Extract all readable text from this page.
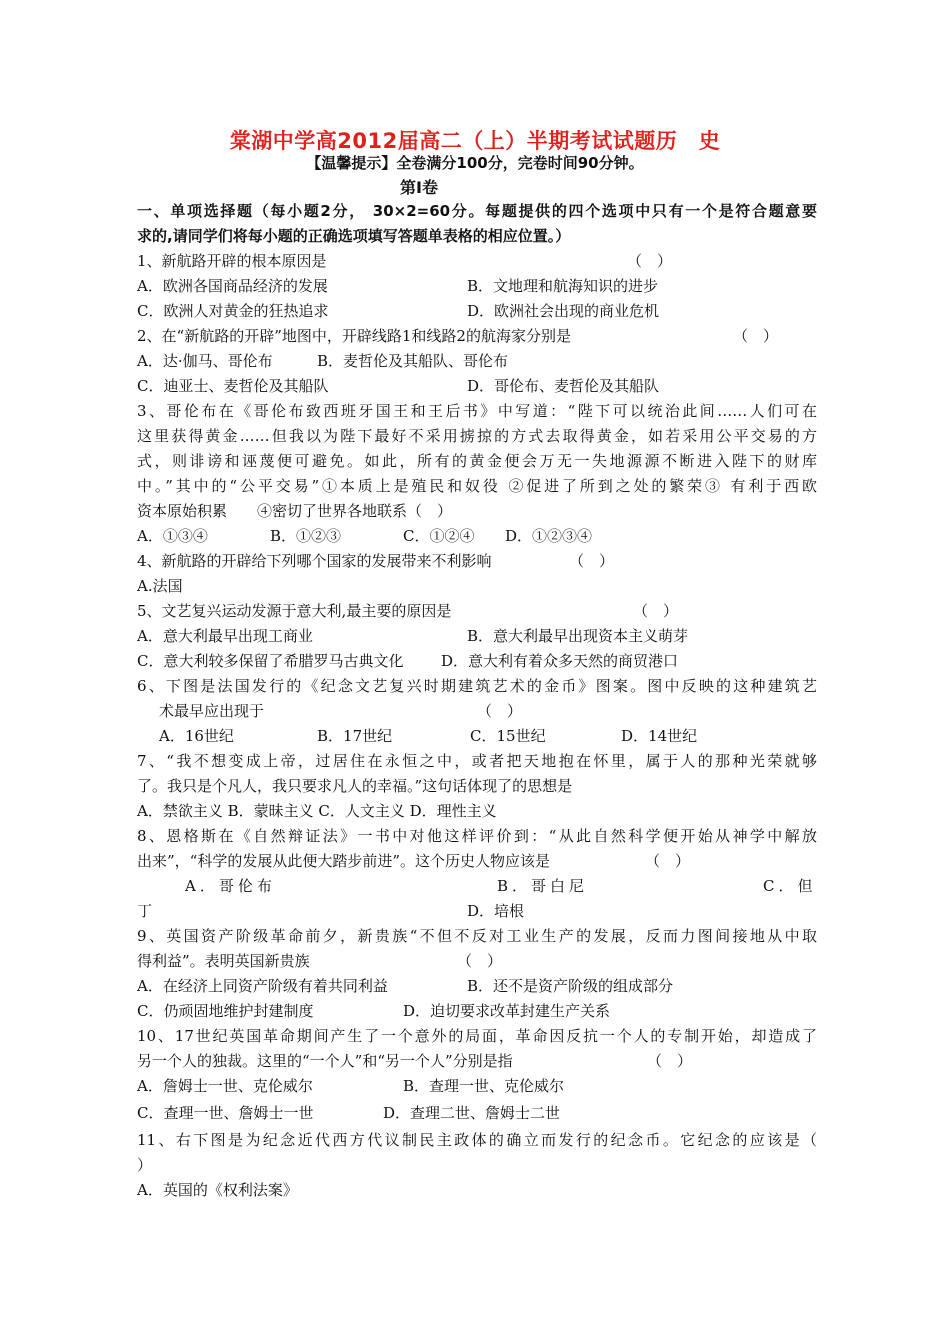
棠湖中学高2012届高二（上）半期考试试题历　史
【温馨提示】全卷满分100分，完卷时间90分钟。
第Ⅰ卷
一、单项选择题（每小题2分， 30×2=60分。每题提供的四个选项中只有一个是符合题意要
求的,请同学们将每小题的正确选项填写答题单表格的相应位置。）
1、新航路开辟的根本原因是	（　）
A．欧洲各国商品经济的发展	B．文地理和航海知识的进步
C．欧洲人对黄金的狂热追求	D．欧洲社会出现的商业危机
2、在“新航路的开辟”地图中，开辟线路1和线路2的航海家分别是	（　）
A．达·伽马、哥伦布	B．麦哲伦及其船队、哥伦布
C．迪亚士、麦哲伦及其船队	D．哥伦布、麦哲伦及其船队
3、哥伦布在《哥伦布致西班牙国王和王后书》中写道：“陛下可以统治此间……人们可在
这里获得黄金……但我以为陛下最好不采用掳掠的方式去取得黄金，如若采用公平交易的方
式，则诽谤和诬蔑便可避免。如此，所有的黄金便会万无一失地源源不断进入陛下的财库
中。”其中的“公平交易”①本质上是殖民和奴役 ②促进了所到之处的繁荣③ 有利于西欧
资本原始积累　　④密切了世界各地联系（　）
A．①③④	B．①②③	C．①②④ D．①②③④
4、新航路的开辟给下列哪个国家的发展带来不利影响	（　）
A.法国
5、文艺复兴运动发源于意大利,最主要的原因是	（　）
A．意大利最早出现工商业	B．意大利最早出现资本主义萌芽
C．意大利较多保留了希腊罗马古典文化	D．意大利有着众多天然的商贸港口
6、下图是法国发行的《纪念文艺复兴时期建筑艺术的金币》图案。图中反映的这种建筑艺
术最早应出现于	（　）
A．16世纪	B．17世纪	C．15世纪	D．14世纪
7、“我不想变成上帝，过居住在永恒之中，或者把天地抱在怀里，属于人的那种光荣就够
了。我只是个凡人，我只要求凡人的幸福。”这句话体现了的思想是
A．禁欲主义 B．蒙昧主义 C．人文主义 D．理性主义
8、恩格斯在《自然辩证法》一书中对他这样评价到：“从此自然科学便开始从神学中解放
出来”，“科学的发展从此便大踏步前进”。这个历史人物应该是	（　）
A．哥伦布	B．哥白尼	C．但
丁	D．培根
9、英国资产阶级革命前夕，新贵族“不但不反对工业生产的发展，反而力图间接地从中取
得利益”。表明英国新贵族	（　）
A．在经济上同资产阶级有着共同利益	B．还不是资产阶级的组成部分
C．仍顽固地维护封建制度	D．迫切要求改革封建生产关系
10、17世纪英国革命期间产生了一个意外的局面，革命因反抗一个人的专制开始，却造成了
另一个人的独裁。这里的“一个人”和“另一个人”分别是指	（　）
A．詹姆士一世、克伦威尔	B．查理一世、克伦威尔
C．查理一世、詹姆士一世	D．查理二世、詹姆士二世
11、右下图是为纪念近代西方代议制民主政体的确立而发行的纪念币。它纪念的应该是（
）
A．英国的《权利法案》
